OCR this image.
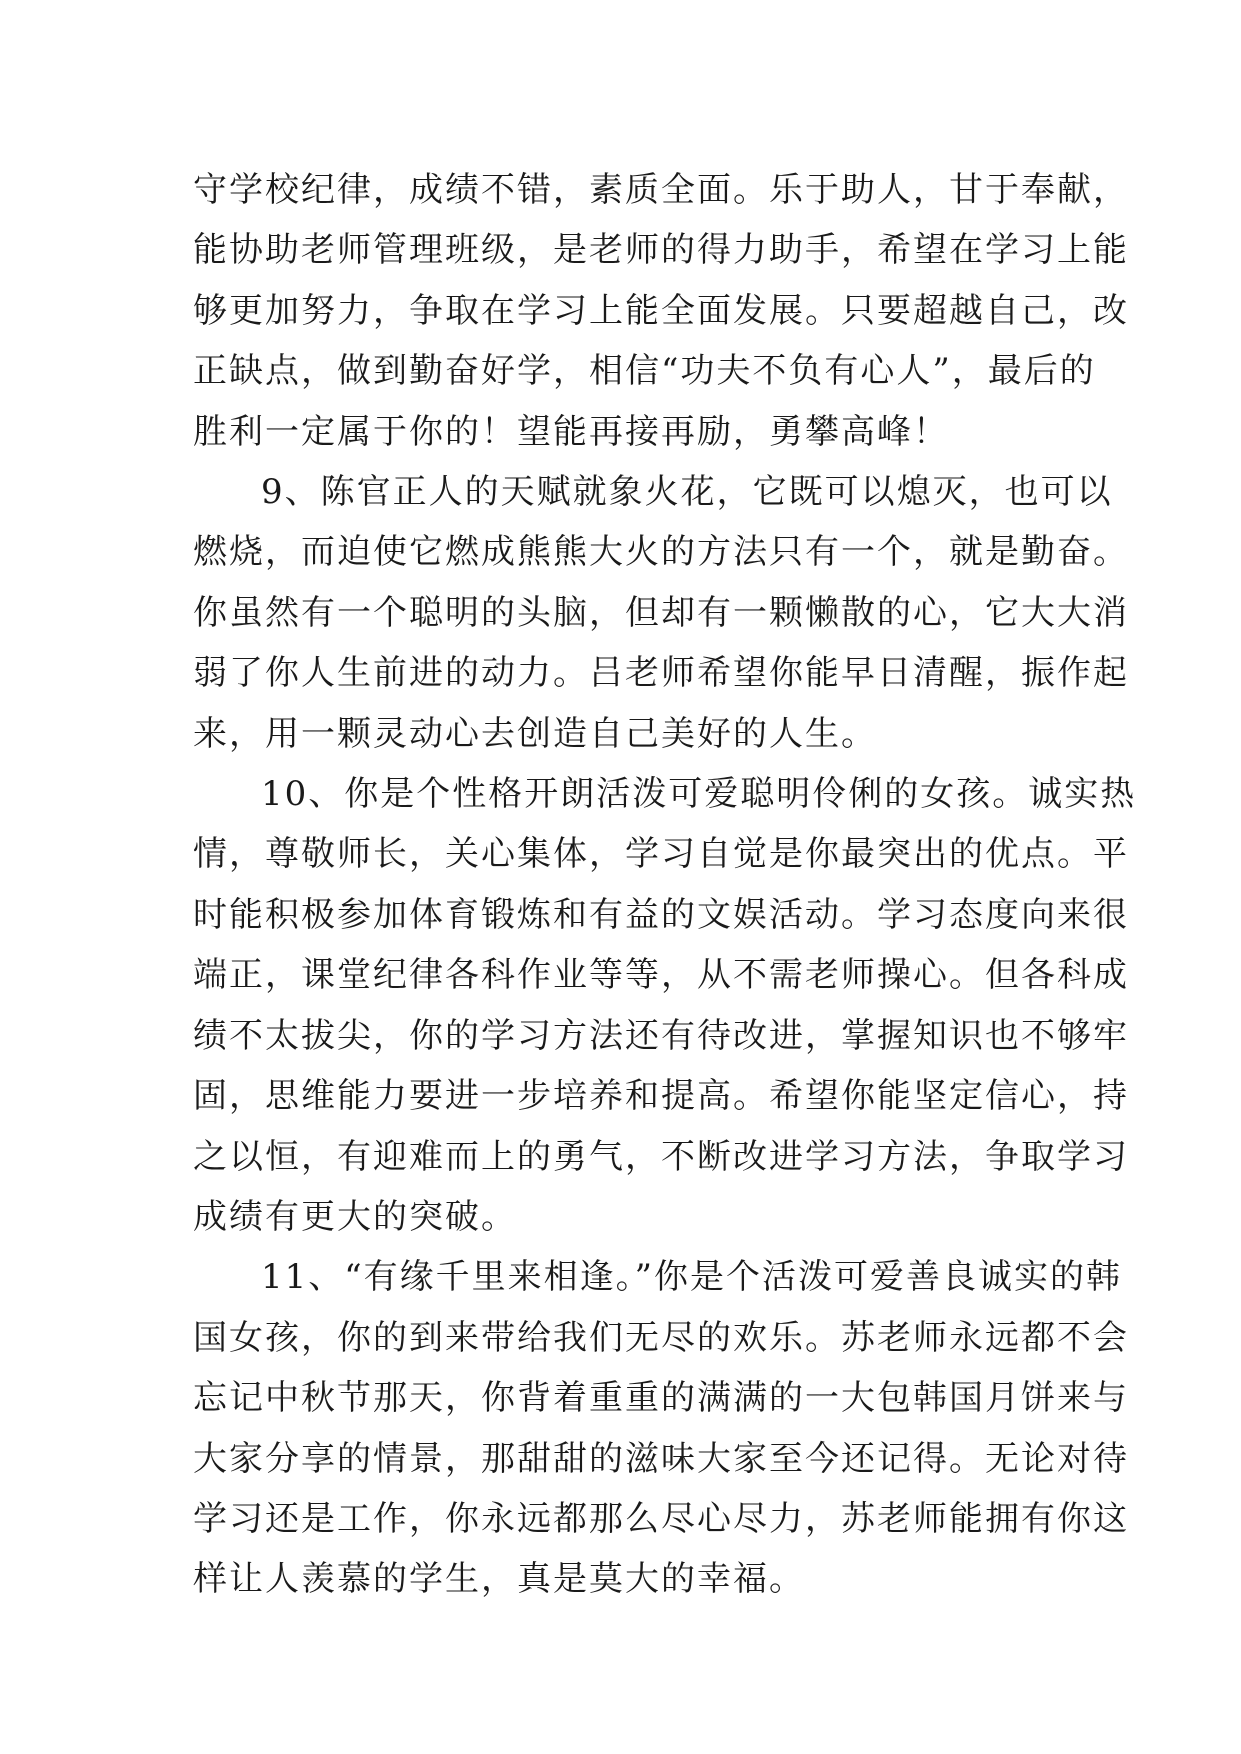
守学校纪律，成绩不错，素质全面。乐于助人，甘于奉献，
能协助老师管理班级，是老师的得力助手，希望在学习上能
够更加努力，争取在学习上能全面发展。只要超越自己，改
正缺点，做到勤奋好学，相信“功夫不负有心人”，最后的
胜利一定属于你的！望能再接再励，勇攀高峰！

9、陈官正人的天赋就象火花，它既可以熄灭，也可以
燃烧，而迫使它燃成熊熊大火的方法只有一个，就是勤奋。
你虽然有一个聪明的头脑，但却有一颗懒散的心，它大大消
弱了你人生前进的动力。吕老师希望你能早日清醒，振作起
来，用一颗灵动心去创造自己美好的人生。

10、你是个性格开朗活泼可爱聪明伶俐的女孩。诚实热
情，尊敬师长，关心集体，学习自觉是你最突出的优点。平
时能积极参加体育锻炼和有益的文娱活动。学习态度向来很
端正，课堂纪律各科作业等等，从不需老师操心。但各科成
绩不太拔尖，你的学习方法还有待改进，掌握知识也不够牢
固，思维能力要进一步培养和提高。希望你能坚定信心，持
之以恒，有迎难而上的勇气，不断改进学习方法，争取学习
成绩有更大的突破。

11、“有缘千里来相逢。”你是个活泼可爱善良诚实的韩
国女孩，你的到来带给我们无尽的欢乐。苏老师永远都不会
忘记中秋节那天，你背着重重的满满的一大包韩国月饼来与
大家分享的情景，那甜甜的滋味大家至今还记得。无论对待
学习还是工作，你永远都那么尽心尽力，苏老师能拥有你这
样让人羡慕的学生，真是莫大的幸福。
